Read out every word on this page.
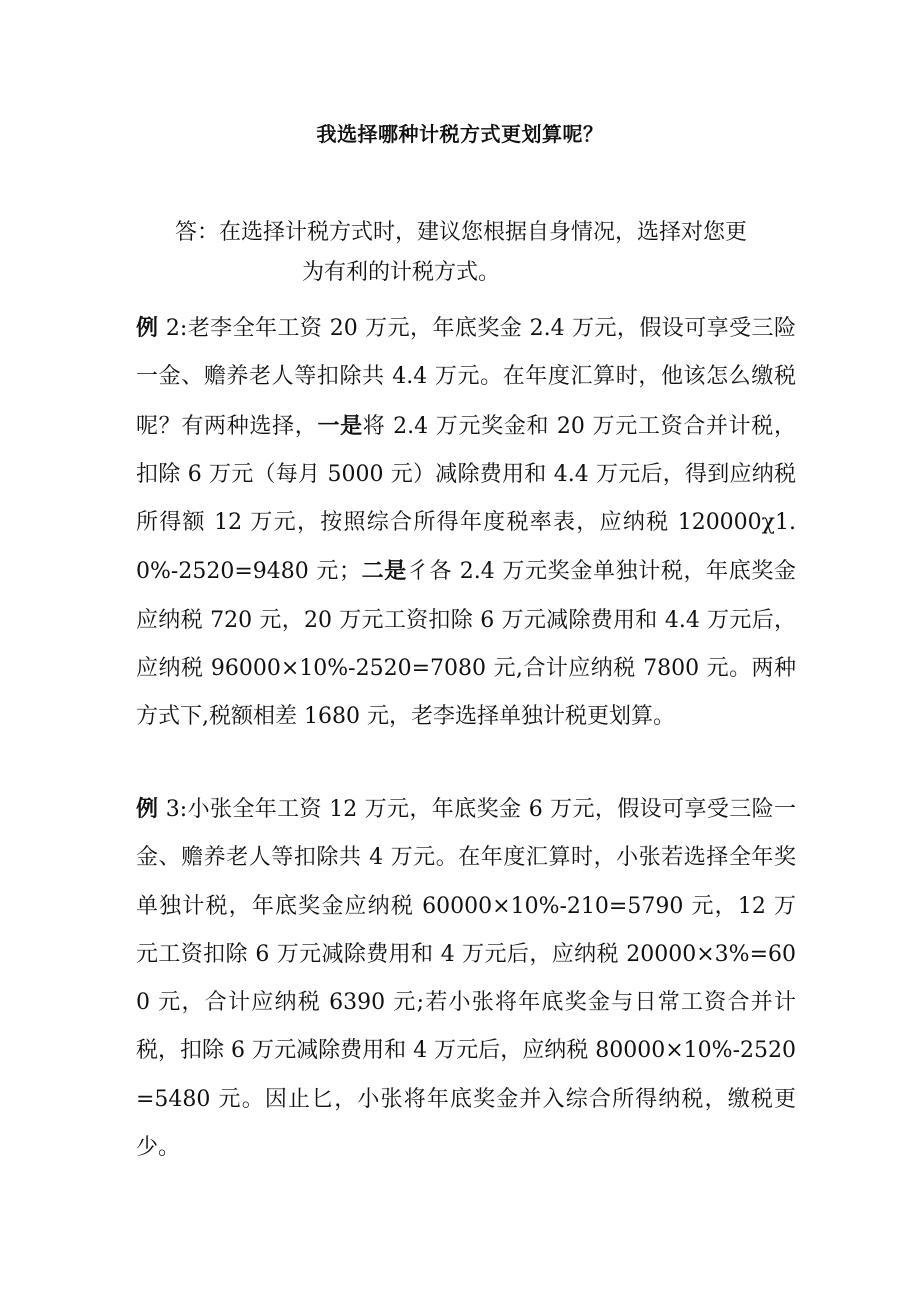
我选择哪种计税方式更划算呢？
答：在选择计税方式时，建议您根据自身情况，选择对您更
为有利的计税方式。

例 2:老李全年工资 20 万元，年底奖金 2.4 万元，假设可享受三险一金、赡养老人等扣除共 4.4 万元。在年度汇算时，他该怎么缴税呢？有两种选择，一是将 2.4 万元奖金和 20 万元工资合并计税，扣除 6 万元（每月 5000 元）减除费用和 4.4 万元后，得到应纳税所得额 12 万元，按照综合所得年度税率表，应纳税 120000χ1.0%-2520=9480 元；二是彳各 2.4 万元奖金单独计税，年底奖金应纳税 720 元，20 万元工资扣除 6 万元减除费用和 4.4 万元后，应纳税 96000×10%-2520=7080 元,合计应纳税 7800 元。两种方式下,税额相差 1680 元，老李选择单独计税更划算。

例 3:小张全年工资 12 万元，年底奖金 6 万元，假设可享受三险一金、赡养老人等扣除共 4 万元。在年度汇算时，小张若选择全年奖单独计税，年底奖金应纳税 60000×10%-210=5790 元，12 万元工资扣除 6 万元减除费用和 4 万元后，应纳税 20000×3%=600 元，合计应纳税 6390 元;若小张将年底奖金与日常工资合并计税，扣除 6 万元减除费用和 4 万元后，应纳税 80000×10%-2520=5480 元。因止匕，小张将年底奖金并入综合所得纳税，缴税更少。
